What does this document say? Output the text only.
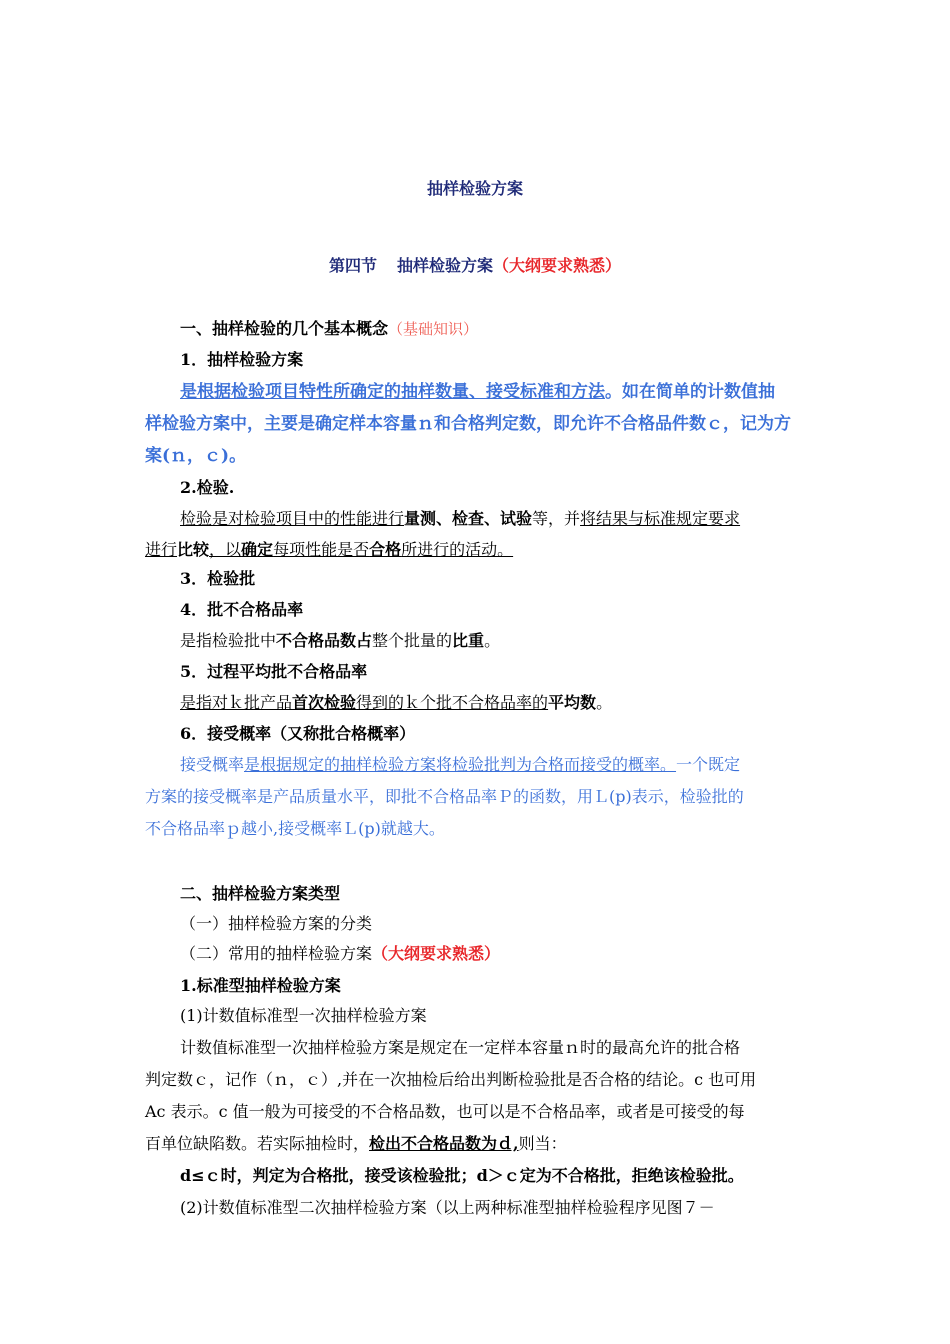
抽样检验方案
第四节 抽样检验方案（大纲要求熟悉）
一、抽样检验的几个基本概念（基础知识）
1．抽样检验方案
是根据检验项目特性所确定的抽样数量、接受标准和方法。如在简单的计数值抽
样检验方案中，主要是确定样本容量ｎ和合格判定数，即允许不合格品件数ｃ，记为方
案(ｎ，ｃ)。
2.检验.
检验是对检验项目中的性能进行量测、检查、试验等，并将结果与标准规定要求
进行比较，以确定每项性能是否合格所进行的活动。
3．检验批
4．批不合格品率
是指检验批中不合格品数占整个批量的比重。
5．过程平均批不合格品率
是指对ｋ批产品首次检验得到的ｋ个批不合格品率的平均数。
6．接受概率（又称批合格概率）
接受概率是根据规定的抽样检验方案将检验批判为合格而接受的概率。一个既定
方案的接受概率是产品质量水平，即批不合格品率Ｐ的函数，用Ｌ(p)表示，检验批的
不合格品率ｐ越小,接受概率Ｌ(p)就越大。
二、抽样检验方案类型
（一）抽样检验方案的分类
（二）常用的抽样检验方案（大纲要求熟悉）
1.标准型抽样检验方案
(1)计数值标准型一次抽样检验方案
计数值标准型一次抽样检验方案是规定在一定样本容量ｎ时的最高允许的批合格
判定数ｃ，记作（ｎ，ｃ）,并在一次抽检后给出判断检验批是否合格的结论。c 也可用
Ac 表示。c 值一般为可接受的不合格品数，也可以是不合格品率，或者是可接受的每
百单位缺陷数。若实际抽检时，检出不合格品数为ｄ,则当：
d≤ｃ时，判定为合格批，接受该检验批；d＞ｃ定为不合格批，拒绝该检验批。
(2)计数值标准型二次抽样检验方案（以上两种标准型抽样检验程序见图７－
